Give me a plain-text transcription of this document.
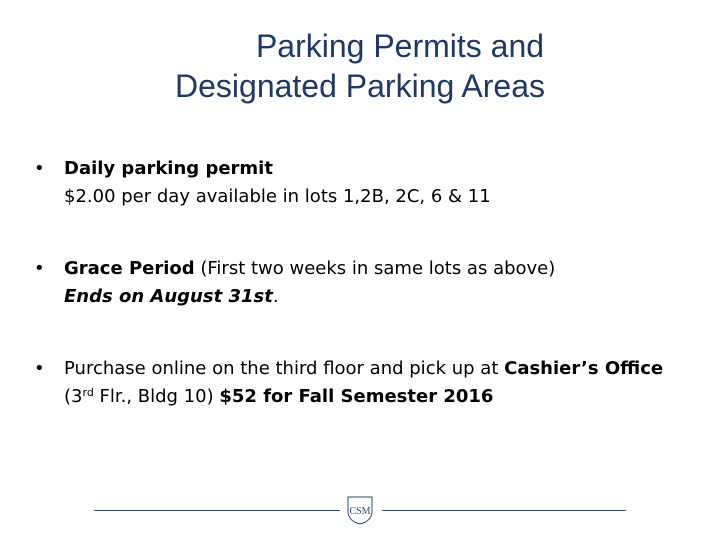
Parking Permits and
Designated Parking Areas
• Daily parking permit
$2.00 per day available in lots 1,2B, 2C, 6 & 11
• Grace Period (First two weeks in same lots as above)
Ends on August 31st.
• Purchase online on the third floor and pick up at Cashier’s Office
(3rd Flr., Bldg 10) $52 for Fall Semester 2016
CSM
